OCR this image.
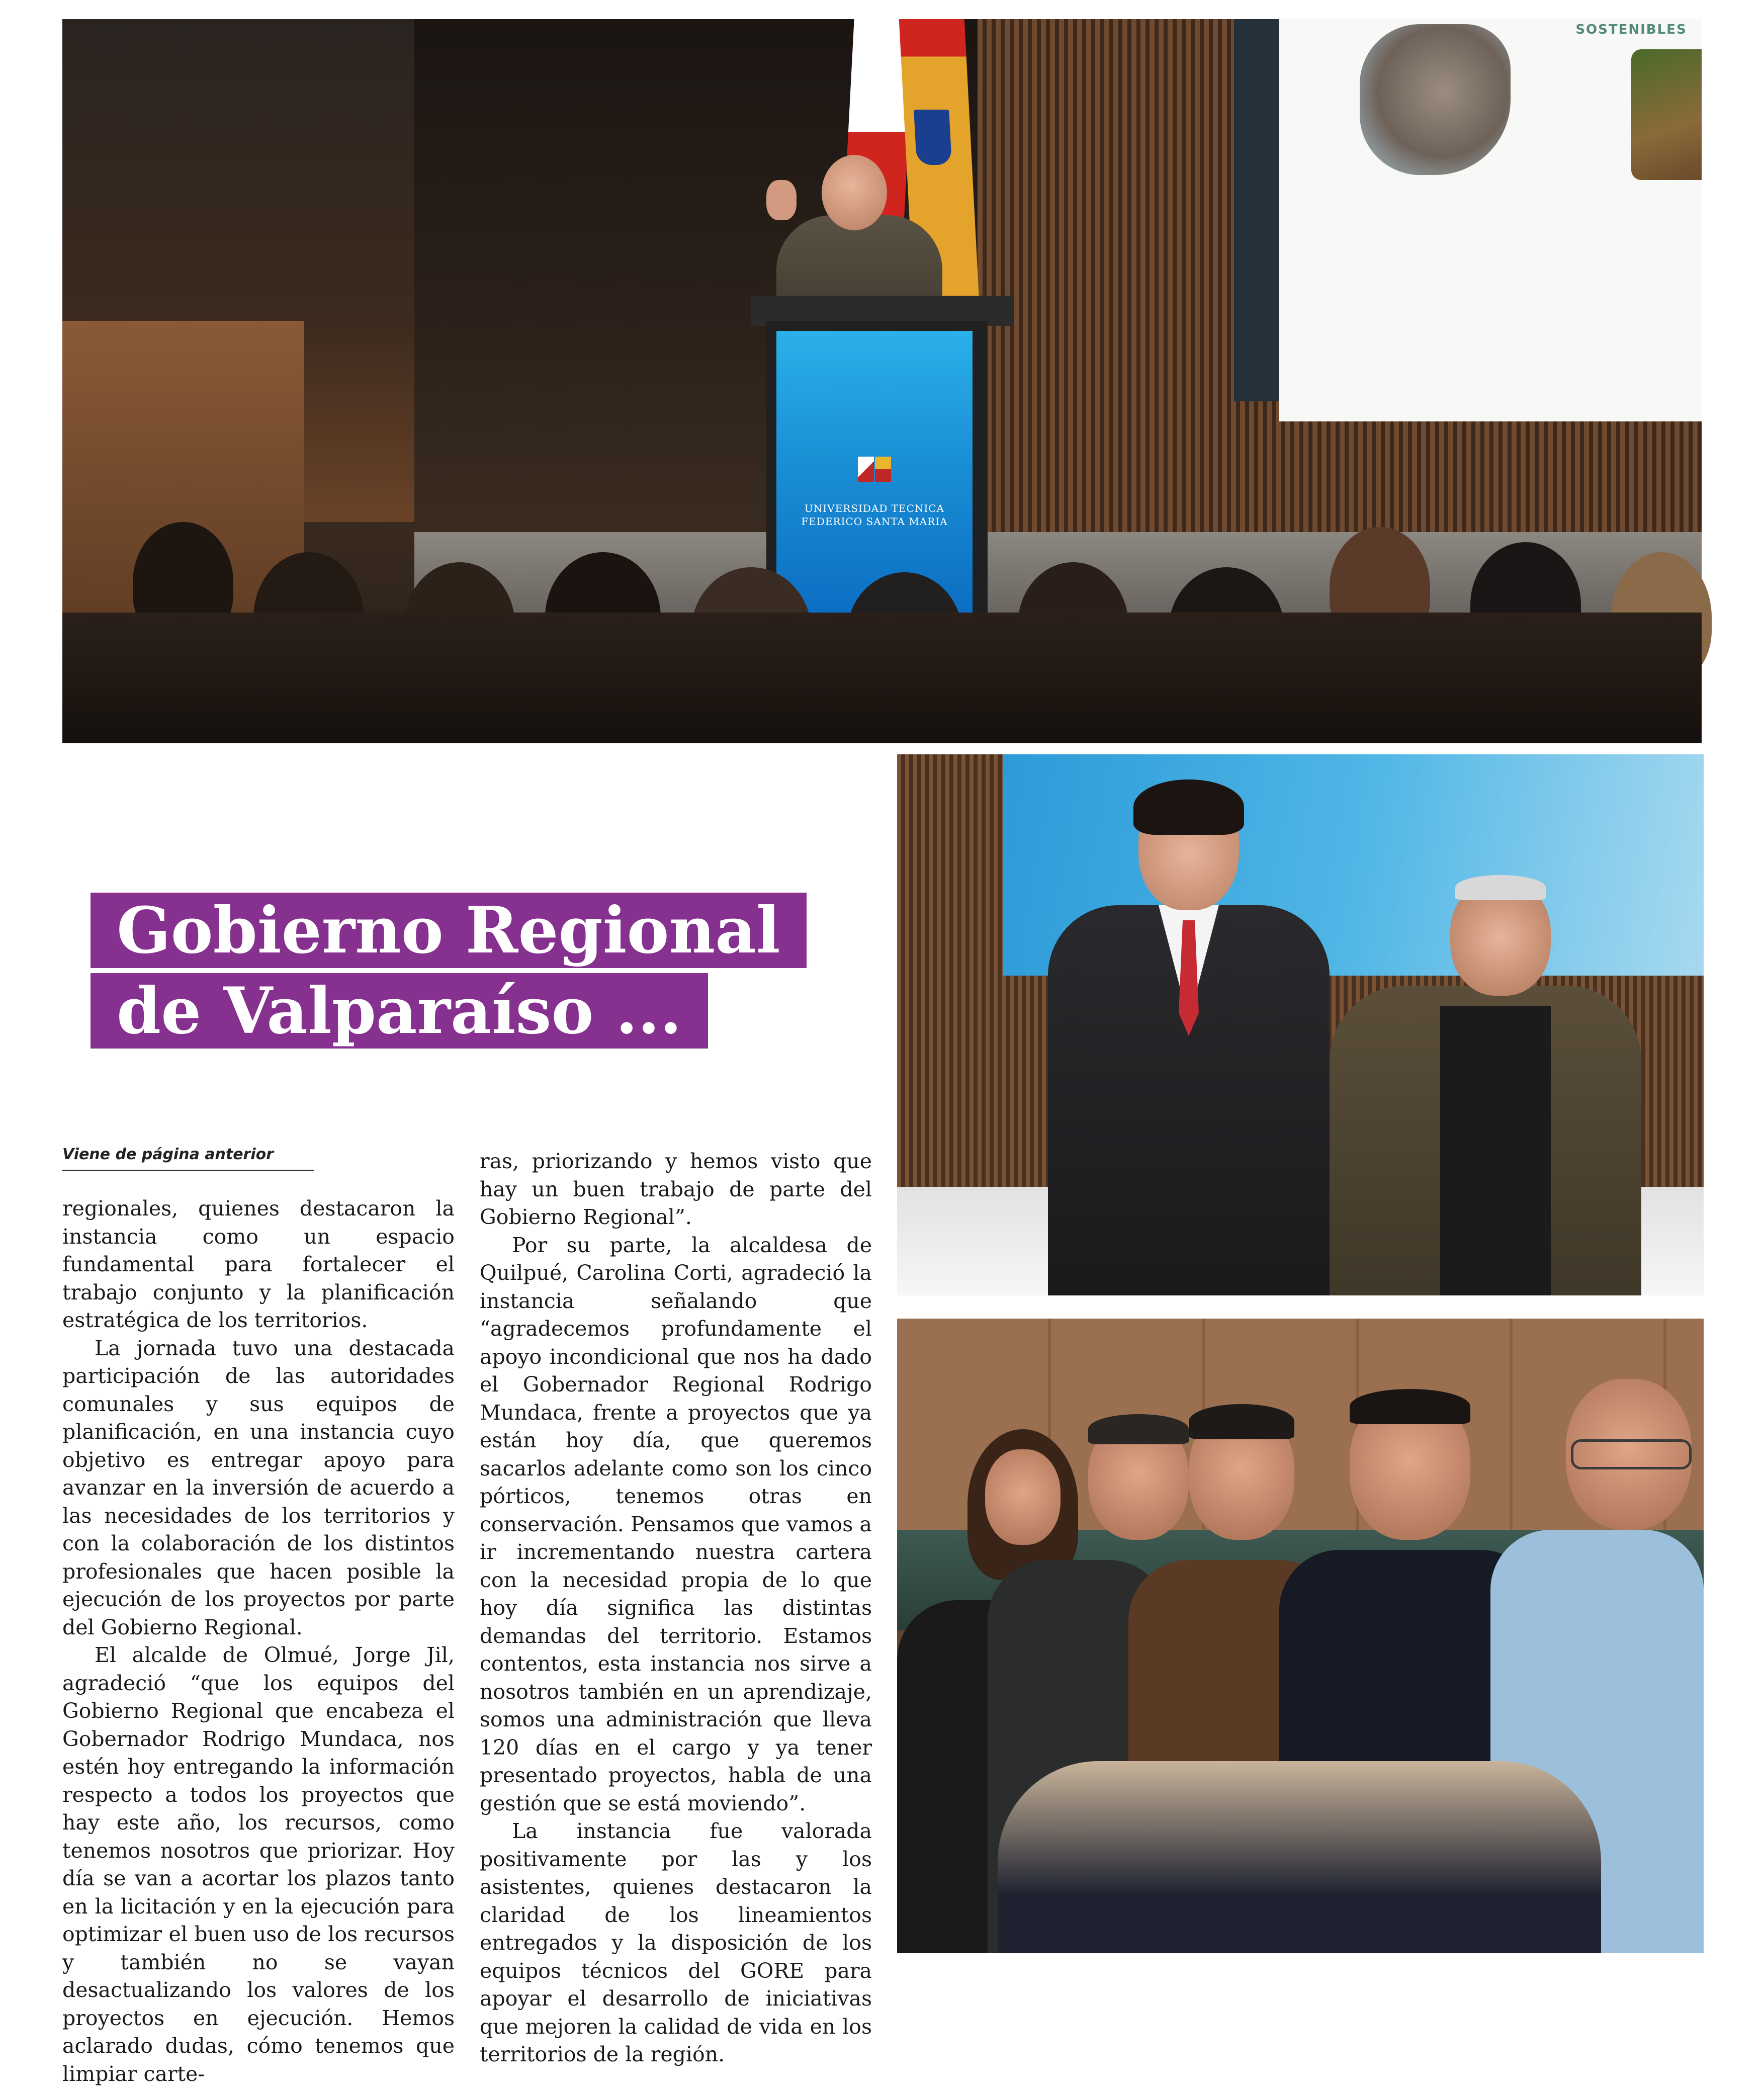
SOSTENIBLES
UNIVERSIDAD TECNICA
FEDERICO SANTA MARIA
Gobierno Regional
de Valparaíso ...
Viene de página anterior

regionales, quienes destacaron la instancia como un espacio fundamental para fortalecer el trabajo conjunto y la planificación estratégica de los territorios.

La jornada tuvo una destacada participación de las autoridades comunales y sus equipos de planificación, en una instancia cuyo objetivo es entregar apoyo para avanzar en la inversión de acuerdo a las necesidades de los territorios y con la colaboración de los distintos profesionales que hacen posible la ejecución de los proyectos por parte del Gobierno Regional.

El alcalde de Olmué, Jorge Jil, agradeció “que los equipos del Gobierno Regional que encabeza el Gobernador Rodrigo Mundaca, nos estén hoy entregando la información respecto a todos los proyectos que hay este año, los recursos, como tenemos nosotros que priorizar. Hoy día se van a acortar los plazos tanto en la licitación y en la ejecución para optimizar el buen uso de los recursos y también no se vayan desactualizando los valores de los proyectos en ejecución. Hemos aclarado dudas, cómo tenemos que limpiar carte-

ras, priorizando y hemos visto que hay un buen trabajo de parte del Gobierno Regional”.

Por su parte, la alcaldesa de Quilpué, Carolina Corti, agradeció la instancia señalando que “agradecemos profundamente el apoyo incondicional que nos ha dado el Gobernador Regional Rodrigo Mundaca, frente a proyectos que ya están hoy día, que queremos sacarlos adelante como son los cinco pórticos, tenemos otras en conservación. Pensamos que vamos a ir incrementando nuestra cartera con la necesidad propia de lo que hoy día significa las distintas demandas del territorio. Estamos contentos, esta instancia nos sirve a nosotros también en un aprendizaje, somos una administración que lleva 120 días en el cargo y ya tener presentado proyectos, habla de una gestión que se está moviendo”.

La instancia fue valorada positivamente por las y los asistentes, quienes destacaron la claridad de los lineamientos entregados y la disposición de los equipos técnicos del GORE para apoyar el desarrollo de iniciativas que mejoren la calidad de vida en los territorios de la región.
